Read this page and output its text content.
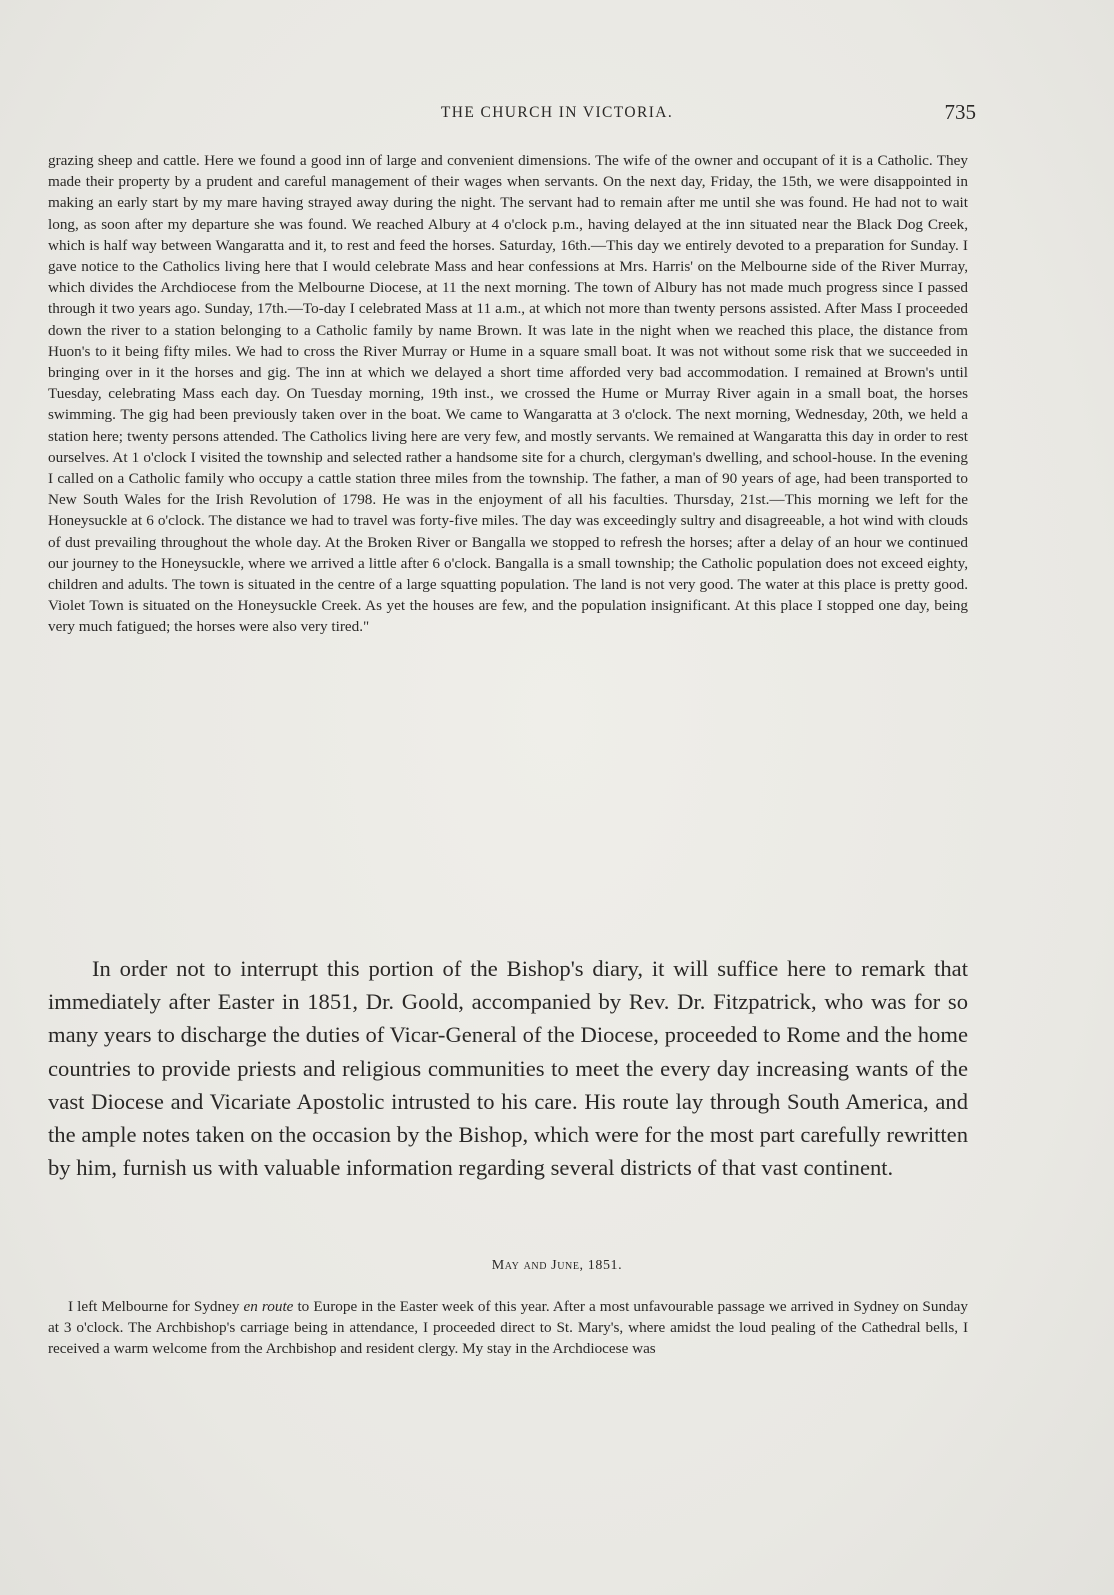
THE CHURCH IN VICTORIA.	735

grazing sheep and cattle. Here we found a good inn of large and convenient dimensions. The wife of the owner and occupant of it is a Catholic. They made their property by a prudent and careful management of their wages when servants. On the next day, Friday, the 15th, we were disappointed in making an early start by my mare having strayed away during the night. The servant had to remain after me until she was found. He had not to wait long, as soon after my departure she was found. We reached Albury at 4 o'clock p.m., having delayed at the inn situated near the Black Dog Creek, which is half way between Wangaratta and it, to rest and feed the horses. Saturday, 16th.—This day we entirely devoted to a preparation for Sunday. I gave notice to the Catholics living here that I would celebrate Mass and hear confessions at Mrs. Harris' on the Melbourne side of the River Murray, which divides the Archdiocese from the Melbourne Diocese, at 11 the next morning. The town of Albury has not made much progress since I passed through it two years ago. Sunday, 17th.—To-day I celebrated Mass at 11 a.m., at which not more than twenty persons assisted. After Mass I proceeded down the river to a station belonging to a Catholic family by name Brown. It was late in the night when we reached this place, the distance from Huon's to it being fifty miles. We had to cross the River Murray or Hume in a square small boat. It was not without some risk that we succeeded in bringing over in it the horses and gig. The inn at which we delayed a short time afforded very bad accommodation. I remained at Brown's until Tuesday, celebrating Mass each day. On Tuesday morning, 19th inst., we crossed the Hume or Murray River again in a small boat, the horses swimming. The gig had been previously taken over in the boat. We came to Wangaratta at 3 o'clock. The next morning, Wednesday, 20th, we held a station here; twenty persons attended. The Catholics living here are very few, and mostly servants. We remained at Wangaratta this day in order to rest ourselves. At 1 o'clock I visited the township and selected rather a handsome site for a church, clergyman's dwelling, and school-house. In the evening I called on a Catholic family who occupy a cattle station three miles from the township. The father, a man of 90 years of age, had been transported to New South Wales for the Irish Revolution of 1798. He was in the enjoyment of all his faculties. Thursday, 21st.—This morning we left for the Honeysuckle at 6 o'clock. The distance we had to travel was forty-five miles. The day was exceedingly sultry and disagreeable, a hot wind with clouds of dust prevailing throughout the whole day. At the Broken River or Bangalla we stopped to refresh the horses; after a delay of an hour we continued our journey to the Honeysuckle, where we arrived a little after 6 o'clock. Bangalla is a small township; the Catholic population does not exceed eighty, children and adults. The town is situated in the centre of a large squatting population. The land is not very good. The water at this place is pretty good. Violet Town is situated on the Honeysuckle Creek. As yet the houses are few, and the population insignificant. At this place I stopped one day, being very much fatigued; the horses were also very tired."

In order not to interrupt this portion of the Bishop's diary, it will suffice here to remark that immediately after Easter in 1851, Dr. Goold, accompanied by Rev. Dr. Fitzpatrick, who was for so many years to discharge the duties of Vicar-General of the Diocese, proceeded to Rome and the home countries to provide priests and religious communities to meet the every day increasing wants of the vast Diocese and Vicariate Apostolic intrusted to his care. His route lay through South America, and the ample notes taken on the occasion by the Bishop, which were for the most part carefully rewritten by him, furnish us with valuable information regarding several districts of that vast continent.

May and June, 1851.

I left Melbourne for Sydney en route to Europe in the Easter week of this year. After a most unfavourable passage we arrived in Sydney on Sunday at 3 o'clock. The Archbishop's carriage being in attendance, I proceeded direct to St. Mary's, where amidst the loud pealing of the Cathedral bells, I received a warm welcome from the Archbishop and resident clergy. My stay in the Archdiocese was
